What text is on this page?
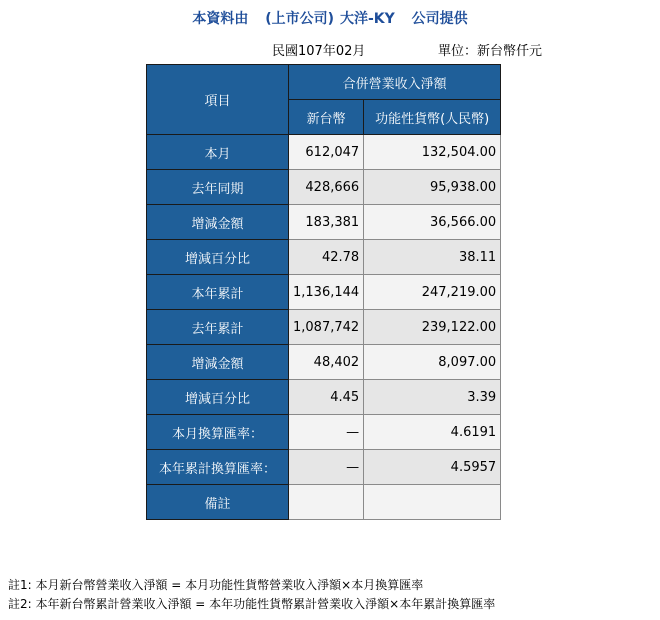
本資料由 (上市公司) 大洋-KY 公司提供
民國107年02月	單位：新台幣仟元
項目	合併營業收入淨額	
	新台幣	功能性貨幣(人民幣)
本月	612,047	132,504.00
去年同期	428,666	95,938.00
增減金額	183,381	36,566.00
增減百分比	42.78	38.11
本年累計	1,136,144	247,219.00
去年累計	1,087,742	239,122.00
增減金額	48,402	8,097.00
增減百分比	4.45	3.39
本月換算匯率：	—	4.6191
本年累計換算匯率：	—	4.5957
備註		
註1: 本月新台幣營業收入淨額 = 本月功能性貨幣營業收入淨額×本月換算匯率
註2: 本年新台幣累計營業收入淨額 = 本年功能性貨幣累計營業收入淨額×本年累計換算匯率
